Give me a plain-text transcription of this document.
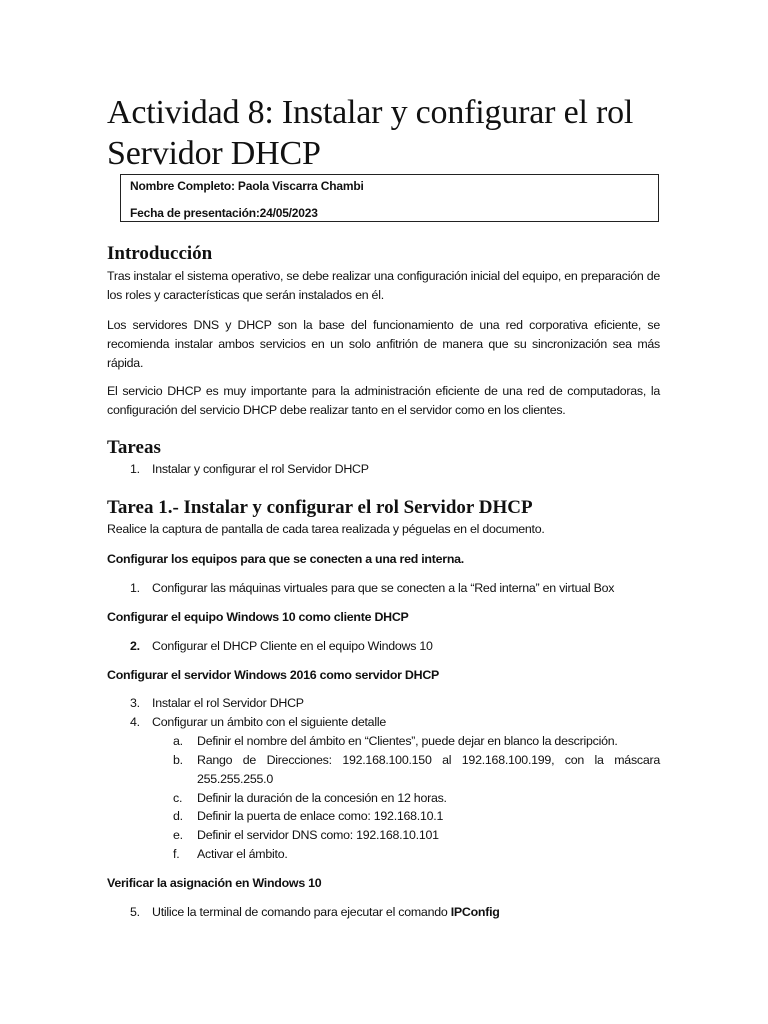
Actividad 8: Instalar y configurar el rol
Servidor DHCP
Nombre Completo: Paola Viscarra Chambi
Fecha de presentación:24/05/2023
Introducción

Tras instalar el sistema operativo, se debe realizar una configuración inicial del equipo, en preparación de los roles y características que serán instalados en él.

Los servidores DNS y DHCP son la base del funcionamiento de una red corporativa eficiente, se recomienda instalar ambos servicios en un solo anfitrión de manera que su sincronización sea más rápida.

El servicio DHCP es muy importante para la administración eficiente de una red de computadoras, la configuración del servicio DHCP debe realizar tanto en el servidor como en los clientes.

Tareas
1. Instalar y configurar el rol Servidor DHCP
Tarea 1.- Instalar y configurar el rol Servidor DHCP

Realice la captura de pantalla de cada tarea realizada y péguelas en el documento.

Configurar los equipos para que se conecten a una red interna.

1. Configurar las máquinas virtuales para que se conecten a la “Red interna” en virtual Box

Configurar el equipo Windows 10 como cliente DHCP

2. Configurar el DHCP Cliente en el equipo Windows 10

Configurar el servidor Windows 2016 como servidor DHCP

3. Instalar el rol Servidor DHCP
4. Configurar un ámbito con el siguiente detalle
a. Definir el nombre del ámbito en “Clientes”, puede dejar en blanco la descripción.
b. Rango de Direcciones: 192.168.100.150 al 192.168.100.199, con la máscara 255.255.255.0
c. Definir la duración de la concesión en 12 horas.
d. Definir la puerta de enlace como: 192.168.10.1
e. Definir el servidor DNS como: 192.168.10.101
f. Activar el ámbito.

Verificar la asignación en Windows 10

5. Utilice la terminal de comando para ejecutar el comando IPConfig
